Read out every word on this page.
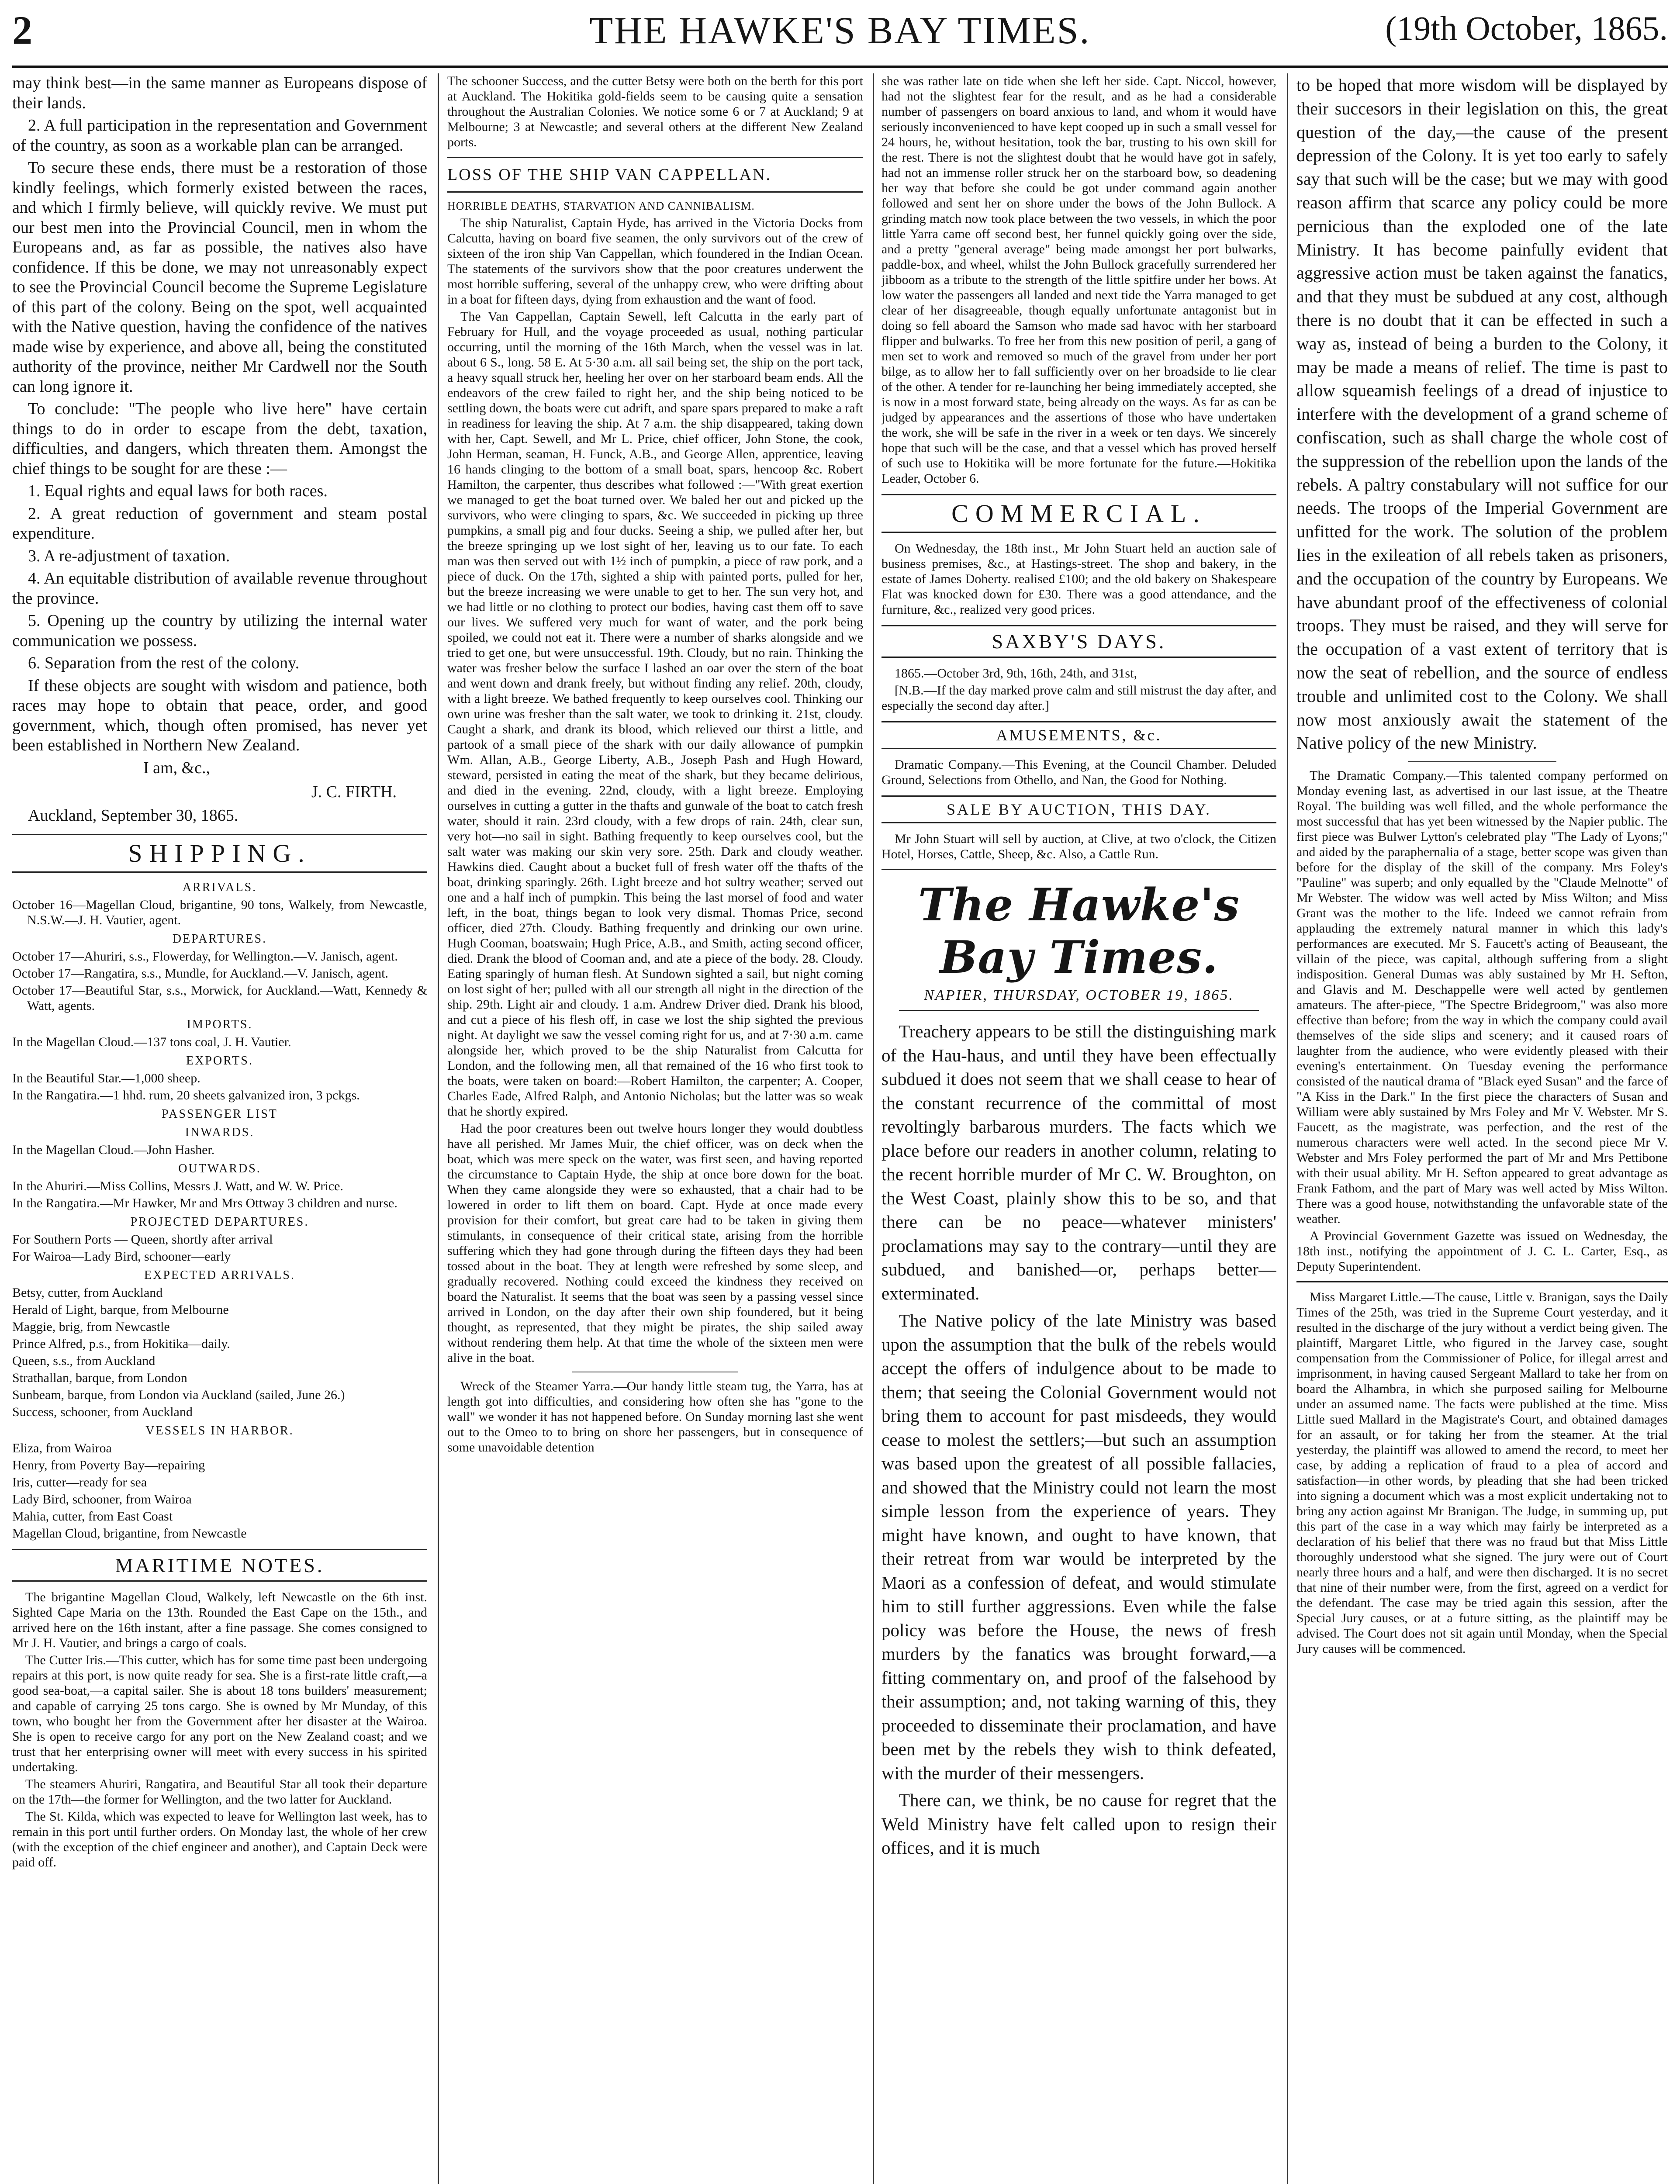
2	THE HAWKE'S BAY TIMES.	(19th October, 1865.

may think best—in the same manner as Europeans dispose of their lands.

2. A full participation in the representation and Government of the country, as soon as a workable plan can be arranged.

To secure these ends, there must be a restoration of those kindly feelings, which formerly existed between the races, and which I firmly believe, will quickly revive. We must put our best men into the Provincial Council, men in whom the Europeans and, as far as possible, the natives also have confidence. If this be done, we may not unreasonably expect to see the Provincial Council become the Supreme Legislature of this part of the colony. Being on the spot, well acquainted with the Native question, having the confidence of the natives made wise by experience, and above all, being the constituted authority of the province, neither Mr Cardwell nor the South can long ignore it.

To conclude: "The people who live here" have certain things to do in order to escape from the debt, taxation, difficulties, and dangers, which threaten them. Amongst the chief things to be sought for are these :—

1. Equal rights and equal laws for both races.

2. A great reduction of government and steam postal expenditure.

3. A re-adjustment of taxation.

4. An equitable distribution of available revenue throughout the province.

5. Opening up the country by utilizing the internal water communication we possess.

6. Separation from the rest of the colony.

If these objects are sought with wisdom and patience, both races may hope to obtain that peace, order, and good government, which, though often promised, has never yet been established in Northern New Zealand.

I am, &c.,

J. C. FIRTH.

Auckland, September 30, 1865.

SHIPPING.
ARRIVALS.

October 16—Magellan Cloud, brigantine, 90 tons, Walkely, from Newcastle, N.S.W.—J. H. Vautier, agent.

DEPARTURES.

October 17—Ahuriri, s.s., Flowerday, for Wellington.—V. Janisch, agent.

October 17—Rangatira, s.s., Mundle, for Auckland.—V. Janisch, agent.

October 17—Beautiful Star, s.s., Morwick, for Auckland.—Watt, Kennedy & Watt, agents.

IMPORTS.

In the Magellan Cloud.—137 tons coal, J. H. Vautier.

EXPORTS.

In the Beautiful Star.—1,000 sheep.

In the Rangatira.—1 hhd. rum, 20 sheets galvanized iron, 3 pckgs.

PASSENGER LIST
INWARDS.

In the Magellan Cloud.—John Hasher.

OUTWARDS.

In the Ahuriri.—Miss Collins, Messrs J. Watt, and W. W. Price.

In the Rangatira.—Mr Hawker, Mr and Mrs Ottway 3 children and nurse.

PROJECTED DEPARTURES.

For Southern Ports — Queen, shortly after arrival

For Wairoa—Lady Bird, schooner—early

EXPECTED ARRIVALS.

Betsy, cutter, from Auckland

Herald of Light, barque, from Melbourne

Maggie, brig, from Newcastle

Prince Alfred, p.s., from Hokitika—daily.

Queen, s.s., from Auckland

Strathallan, barque, from London

Sunbeam, barque, from London via Auckland (sailed, June 26.)

Success, schooner, from Auckland

VESSELS IN HARBOR.

Eliza, from Wairoa

Henry, from Poverty Bay—repairing

Iris, cutter—ready for sea

Lady Bird, schooner, from Wairoa

Mahia, cutter, from East Coast

Magellan Cloud, brigantine, from Newcastle

MARITIME NOTES.

The brigantine Magellan Cloud, Walkely, left Newcastle on the 6th inst. Sighted Cape Maria on the 13th. Rounded the East Cape on the 15th., and arrived here on the 16th instant, after a fine passage. She comes consigned to Mr J. H. Vautier, and brings a cargo of coals.

The Cutter Iris.—This cutter, which has for some time past been undergoing repairs at this port, is now quite ready for sea. She is a first-rate little craft,—a good sea-boat,—a capital sailer. She is about 18 tons builders' measurement; and capable of carrying 25 tons cargo. She is owned by Mr Munday, of this town, who bought her from the Government after her disaster at the Wairoa. She is open to receive cargo for any port on the New Zealand coast; and we trust that her enterprising owner will meet with every success in his spirited undertaking.

The steamers Ahuriri, Rangatira, and Beautiful Star all took their departure on the 17th—the former for Wellington, and the two latter for Auckland.

The St. Kilda, which was expected to leave for Wellington last week, has to remain in this port until further orders. On Monday last, the whole of her crew (with the exception of the chief engineer and another), and Captain Deck were paid off.

The schooner Success, and the cutter Betsy were both on the berth for this port at Auckland. The Hokitika gold-fields seem to be causing quite a sensation throughout the Australian Colonies. We notice some 6 or 7 at Auckland; 9 at Melbourne; 3 at Newcastle; and several others at the different New Zealand ports.

LOSS OF THE SHIP VAN CAPPELLAN.
HORRIBLE DEATHS, STARVATION AND CANNIBALISM.

The ship Naturalist, Captain Hyde, has arrived in the Victoria Docks from Calcutta, having on board five seamen, the only survivors out of the crew of sixteen of the iron ship Van Cappellan, which foundered in the Indian Ocean. The statements of the survivors show that the poor creatures underwent the most horrible suffering, several of the unhappy crew, who were drifting about in a boat for fifteen days, dying from exhaustion and the want of food.

The Van Cappellan, Captain Sewell, left Calcutta in the early part of February for Hull, and the voyage proceeded as usual, nothing particular occurring, until the morning of the 16th March, when the vessel was in lat. about 6 S., long. 58 E. At 5·30 a.m. all sail being set, the ship on the port tack, a heavy squall struck her, heeling her over on her starboard beam ends. All the endeavors of the crew failed to right her, and the ship being noticed to be settling down, the boats were cut adrift, and spare spars prepared to make a raft in readiness for leaving the ship. At 7 a.m. the ship disappeared, taking down with her, Capt. Sewell, and Mr L. Price, chief officer, John Stone, the cook, John Herman, seaman, H. Funck, A.B., and George Allen, apprentice, leaving 16 hands clinging to the bottom of a small boat, spars, hencoop &c. Robert Hamilton, the carpenter, thus describes what followed :—"With great exertion we managed to get the boat turned over. We baled her out and picked up the survivors, who were clinging to spars, &c. We succeeded in picking up three pumpkins, a small pig and four ducks. Seeing a ship, we pulled after her, but the breeze springing up we lost sight of her, leaving us to our fate. To each man was then served out with 1½ inch of pumpkin, a piece of raw pork, and a piece of duck. On the 17th, sighted a ship with painted ports, pulled for her, but the breeze increasing we were unable to get to her. The sun very hot, and we had little or no clothing to protect our bodies, having cast them off to save our lives. We suffered very much for want of water, and the pork being spoiled, we could not eat it. There were a number of sharks alongside and we tried to get one, but were unsuccessful. 19th. Cloudy, but no rain. Thinking the water was fresher below the surface I lashed an oar over the stern of the boat and went down and drank freely, but without finding any relief. 20th, cloudy, with a light breeze. We bathed frequently to keep ourselves cool. Thinking our own urine was fresher than the salt water, we took to drinking it. 21st, cloudy. Caught a shark, and drank its blood, which relieved our thirst a little, and partook of a small piece of the shark with our daily allowance of pumpkin Wm. Allan, A.B., George Liberty, A.B., Joseph Pash and Hugh Howard, steward, persisted in eating the meat of the shark, but they became delirious, and died in the evening. 22nd, cloudy, with a light breeze. Employing ourselves in cutting a gutter in the thafts and gunwale of the boat to catch fresh water, should it rain. 23rd cloudy, with a few drops of rain. 24th, clear sun, very hot—no sail in sight. Bathing frequently to keep ourselves cool, but the salt water was making our skin very sore. 25th. Dark and cloudy weather. Hawkins died. Caught about a bucket full of fresh water off the thafts of the boat, drinking sparingly. 26th. Light breeze and hot sultry weather; served out one and a half inch of pumpkin. This being the last morsel of food and water left, in the boat, things began to look very dismal. Thomas Price, second officer, died 27th. Cloudy. Bathing frequently and drinking our own urine. Hugh Cooman, boatswain; Hugh Price, A.B., and Smith, acting second officer, died. Drank the blood of Cooman and, and ate a piece of the body. 28. Cloudy. Eating sparingly of human flesh. At Sundown sighted a sail, but night coming on lost sight of her; pulled with all our strength all night in the direction of the ship. 29th. Light air and cloudy. 1 a.m. Andrew Driver died. Drank his blood, and cut a piece of his flesh off, in case we lost the ship sighted the previous night. At daylight we saw the vessel coming right for us, and at 7·30 a.m. came alongside her, which proved to be the ship Naturalist from Calcutta for London, and the following men, all that remained of the 16 who first took to the boats, were taken on board:—Robert Hamilton, the carpenter; A. Cooper, Charles Eade, Alfred Ralph, and Antonio Nicholas; but the latter was so weak that he shortly expired.

Had the poor creatures been out twelve hours longer they would doubtless have all perished. Mr James Muir, the chief officer, was on deck when the boat, which was mere speck on the water, was first seen, and having reported the circumstance to Captain Hyde, the ship at once bore down for the boat. When they came alongside they were so exhausted, that a chair had to be lowered in order to lift them on board. Capt. Hyde at once made every provision for their comfort, but great care had to be taken in giving them stimulants, in consequence of their critical state, arising from the horrible suffering which they had gone through during the fifteen days they had been tossed about in the boat. They at length were refreshed by some sleep, and gradually recovered. Nothing could exceed the kindness they received on board the Naturalist. It seems that the boat was seen by a passing vessel since arrived in London, on the day after their own ship foundered, but it being thought, as represented, that they might be pirates, the ship sailed away without rendering them help. At that time the whole of the sixteen men were alive in the boat.

Wreck of the Steamer Yarra.—Our handy little steam tug, the Yarra, has at length got into difficulties, and considering how often she has "gone to the wall" we wonder it has not happened before. On Sunday morning last she went out to the Omeo to to bring on shore her passengers, but in consequence of some unavoidable detention

she was rather late on tide when she left her side. Capt. Niccol, however, had not the slightest fear for the result, and as he had a considerable number of passengers on board anxious to land, and whom it would have seriously inconvenienced to have kept cooped up in such a small vessel for 24 hours, he, without hesitation, took the bar, trusting to his own skill for the rest. There is not the slightest doubt that he would have got in safely, had not an immense roller struck her on the starboard bow, so deadening her way that before she could be got under command again another followed and sent her on shore under the bows of the John Bullock. A grinding match now took place between the two vessels, in which the poor little Yarra came off second best, her funnel quickly going over the side, and a pretty "general average" being made amongst her port bulwarks, paddle-box, and wheel, whilst the John Bullock gracefully surrendered her jibboom as a tribute to the strength of the little spitfire under her bows. At low water the passengers all landed and next tide the Yarra managed to get clear of her disagreeable, though equally unfortunate antagonist but in doing so fell aboard the Samson who made sad havoc with her starboard flipper and bulwarks. To free her from this new position of peril, a gang of men set to work and removed so much of the gravel from under her port bilge, as to allow her to fall sufficiently over on her broadside to lie clear of the other. A tender for re-launching her being immediately accepted, she is now in a most forward state, being already on the ways. As far as can be judged by appearances and the assertions of those who have undertaken the work, she will be safe in the river in a week or ten days. We sincerely hope that such will be the case, and that a vessel which has proved herself of such use to Hokitika will be more fortunate for the future.—Hokitika Leader, October 6.

COMMERCIAL.

On Wednesday, the 18th inst., Mr John Stuart held an auction sale of business premises, &c., at Hastings-street. The shop and bakery, in the estate of James Doherty. realised £100; and the old bakery on Shakespeare Flat was knocked down for £30. There was a good attendance, and the furniture, &c., realized very good prices.

SAXBY'S DAYS.

1865.—October 3rd, 9th, 16th, 24th, and 31st,

[N.B.—If the day marked prove calm and still mistrust the day after, and especially the second day after.]

AMUSEMENTS, &c.

Dramatic Company.—This Evening, at the Council Chamber. Deluded Ground, Selections from Othello, and Nan, the Good for Nothing.

SALE BY AUCTION, THIS DAY.

Mr John Stuart will sell by auction, at Clive, at two o'clock, the Citizen Hotel, Horses, Cattle, Sheep, &c. Also, a Cattle Run.

The Hawke's Bay Times.
NAPIER, THURSDAY, OCTOBER 19, 1865.

Treachery appears to be still the distinguishing mark of the Hau-haus, and until they have been effectually subdued it does not seem that we shall cease to hear of the constant recurrence of the committal of most revoltingly barbarous murders. The facts which we place before our readers in another column, relating to the recent horrible murder of Mr C. W. Broughton, on the West Coast, plainly show this to be so, and that there can be no peace—whatever ministers' proclamations may say to the contrary—until they are subdued, and banished—or, perhaps better—exterminated.

The Native policy of the late Ministry was based upon the assumption that the bulk of the rebels would accept the offers of indulgence about to be made to them; that seeing the Colonial Government would not bring them to account for past misdeeds, they would cease to molest the settlers;—but such an assumption was based upon the greatest of all possible fallacies, and showed that the Ministry could not learn the most simple lesson from the experience of years. They might have known, and ought to have known, that their retreat from war would be interpreted by the Maori as a confession of defeat, and would stimulate him to still further aggressions. Even while the false policy was before the House, the news of fresh murders by the fanatics was brought forward,—a fitting commentary on, and proof of the falsehood by their assumption; and, not taking warning of this, they proceeded to disseminate their proclamation, and have been met by the rebels they wish to think defeated, with the murder of their messengers.

There can, we think, be no cause for regret that the Weld Ministry have felt called upon to resign their offices, and it is much

to be hoped that more wisdom will be displayed by their succesors in their legislation on this, the great question of the day,—the cause of the present depression of the Colony. It is yet too early to safely say that such will be the case; but we may with good reason affirm that scarce any policy could be more pernicious than the exploded one of the late Ministry. It has become painfully evident that aggressive action must be taken against the fanatics, and that they must be subdued at any cost, although there is no doubt that it can be effected in such a way as, instead of being a burden to the Colony, it may be made a means of relief. The time is past to allow squeamish feelings of a dread of injustice to interfere with the development of a grand scheme of confiscation, such as shall charge the whole cost of the suppression of the rebellion upon the lands of the rebels. A paltry constabulary will not suffice for our needs. The troops of the Imperial Government are unfitted for the work. The solution of the problem lies in the exileation of all rebels taken as prisoners, and the occupation of the country by Europeans. We have abundant proof of the effectiveness of colonial troops. They must be raised, and they will serve for the occupation of a vast extent of territory that is now the seat of rebellion, and the source of endless trouble and unlimited cost to the Colony. We shall now most anxiously await the statement of the Native policy of the new Ministry.

The Dramatic Company.—This talented company performed on Monday evening last, as advertised in our last issue, at the Theatre Royal. The building was well filled, and the whole performance the most successful that has yet been witnessed by the Napier public. The first piece was Bulwer Lytton's celebrated play "The Lady of Lyons;" and aided by the paraphernalia of a stage, better scope was given than before for the display of the skill of the company. Mrs Foley's "Pauline" was superb; and only equalled by the "Claude Melnotte" of Mr Webster. The widow was well acted by Miss Wilton; and Miss Grant was the mother to the life. Indeed we cannot refrain from applauding the extremely natural manner in which this lady's performances are executed. Mr S. Faucett's acting of Beauseant, the villain of the piece, was capital, although suffering from a slight indisposition. General Dumas was ably sustained by Mr H. Sefton, and Glavis and M. Deschappelle were well acted by gentlemen amateurs. The after-piece, "The Spectre Bridegroom," was also more effective than before; from the way in which the company could avail themselves of the side slips and scenery; and it caused roars of laughter from the audience, who were evidently pleased with their evening's entertainment. On Tuesday evening the performance consisted of the nautical drama of "Black eyed Susan" and the farce of "A Kiss in the Dark." In the first piece the characters of Susan and William were ably sustained by Mrs Foley and Mr V. Webster. Mr S. Faucett, as the magistrate, was perfection, and the rest of the numerous characters were well acted. In the second piece Mr V. Webster and Mrs Foley performed the part of Mr and Mrs Pettibone with their usual ability. Mr H. Sefton appeared to great advantage as Frank Fathom, and the part of Mary was well acted by Miss Wilton. There was a good house, notwithstanding the unfavorable state of the weather.

A Provincial Government Gazette was issued on Wednesday, the 18th inst., notifying the appointment of J. C. L. Carter, Esq., as Deputy Superintendent.

Miss Margaret Little.—The cause, Little v. Branigan, says the Daily Times of the 25th, was tried in the Supreme Court yesterday, and it resulted in the discharge of the jury without a verdict being given. The plaintiff, Margaret Little, who figured in the Jarvey case, sought compensation from the Commissioner of Police, for illegal arrest and imprisonment, in having caused Sergeant Mallard to take her from on board the Alhambra, in which she purposed sailing for Melbourne under an assumed name. The facts were published at the time. Miss Little sued Mallard in the Magistrate's Court, and obtained damages for an assault, or for taking her from the steamer. At the trial yesterday, the plaintiff was allowed to amend the record, to meet her case, by adding a replication of fraud to a plea of accord and satisfaction—in other words, by pleading that she had been tricked into signing a document which was a most explicit undertaking not to bring any action against Mr Branigan. The Judge, in summing up, put this part of the case in a way which may fairly be interpreted as a declaration of his belief that there was no fraud but that Miss Little thoroughly understood what she signed. The jury were out of Court nearly three hours and a half, and were then discharged. It is no secret that nine of their number were, from the first, agreed on a verdict for the defendant. The case may be tried again this session, after the Special Jury causes, or at a future sitting, as the plaintiff may be advised. The Court does not sit again until Monday, when the Special Jury causes will be commenced.
